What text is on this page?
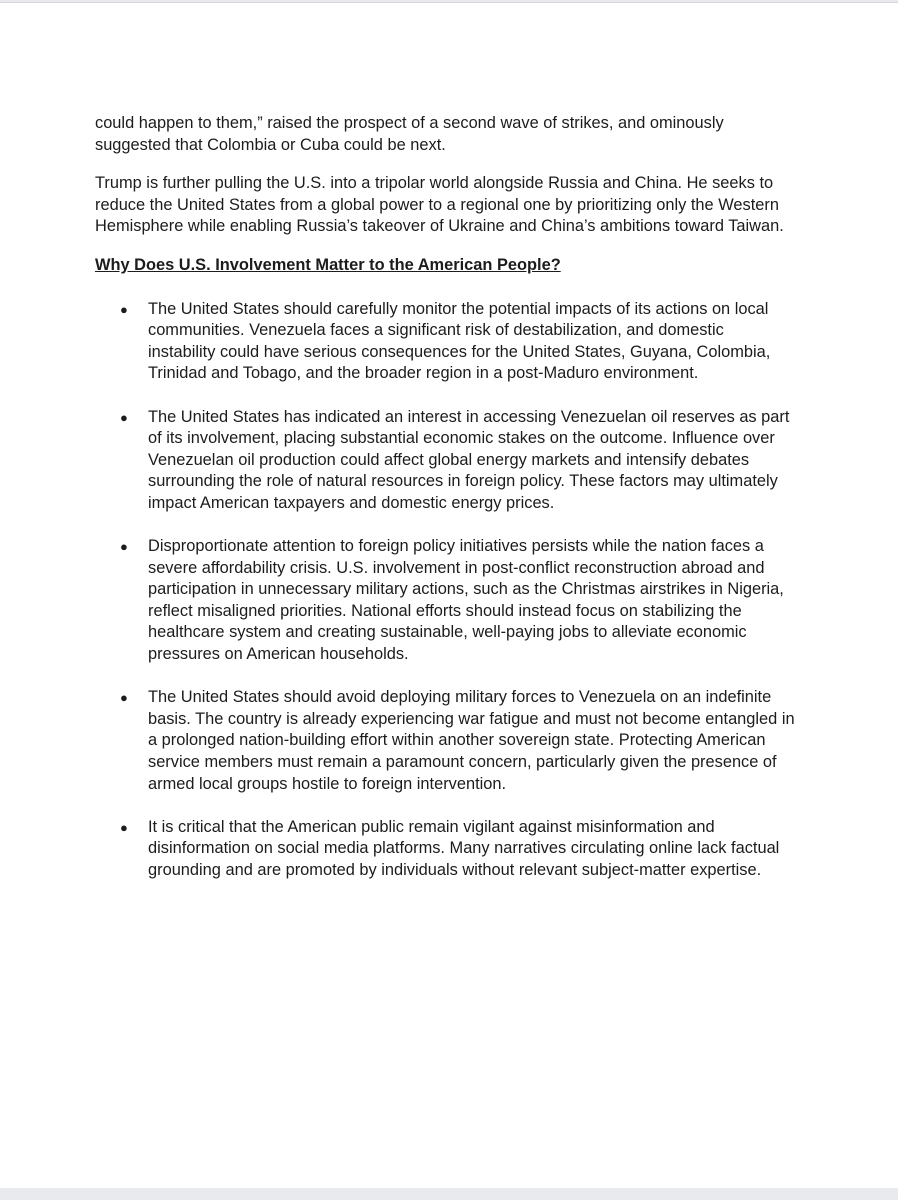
could happen to them,” raised the prospect of a second wave of strikes, and ominously suggested that Colombia or Cuba could be next.

Trump is further pulling the U.S. into a tripolar world alongside Russia and China. He seeks to reduce the United States from a global power to a regional one by prioritizing only the Western Hemisphere while enabling Russia’s takeover of Ukraine and China’s ambitions toward Taiwan.

Why Does U.S. Involvement Matter to the American People?

● The United States should carefully monitor the potential impacts of its actions on local communities. Venezuela faces a significant risk of destabilization, and domestic instability could have serious consequences for the United States, Guyana, Colombia, Trinidad and Tobago, and the broader region in a post-Maduro environment.
● The United States has indicated an interest in accessing Venezuelan oil reserves as part of its involvement, placing substantial economic stakes on the outcome. Influence over Venezuelan oil production could affect global energy markets and intensify debates surrounding the role of natural resources in foreign policy. These factors may ultimately impact American taxpayers and domestic energy prices.
● Disproportionate attention to foreign policy initiatives persists while the nation faces a severe affordability crisis. U.S. involvement in post-conflict reconstruction abroad and participation in unnecessary military actions, such as the Christmas airstrikes in Nigeria, reflect misaligned priorities. National efforts should instead focus on stabilizing the healthcare system and creating sustainable, well-paying jobs to alleviate economic pressures on American households.
● The United States should avoid deploying military forces to Venezuela on an indefinite basis. The country is already experiencing war fatigue and must not become entangled in a prolonged nation-building effort within another sovereign state. Protecting American service members must remain a paramount concern, particularly given the presence of armed local groups hostile to foreign intervention.
● It is critical that the American public remain vigilant against misinformation and disinformation on social media platforms. Many narratives circulating online lack factual grounding and are promoted by individuals without relevant subject-matter expertise.
